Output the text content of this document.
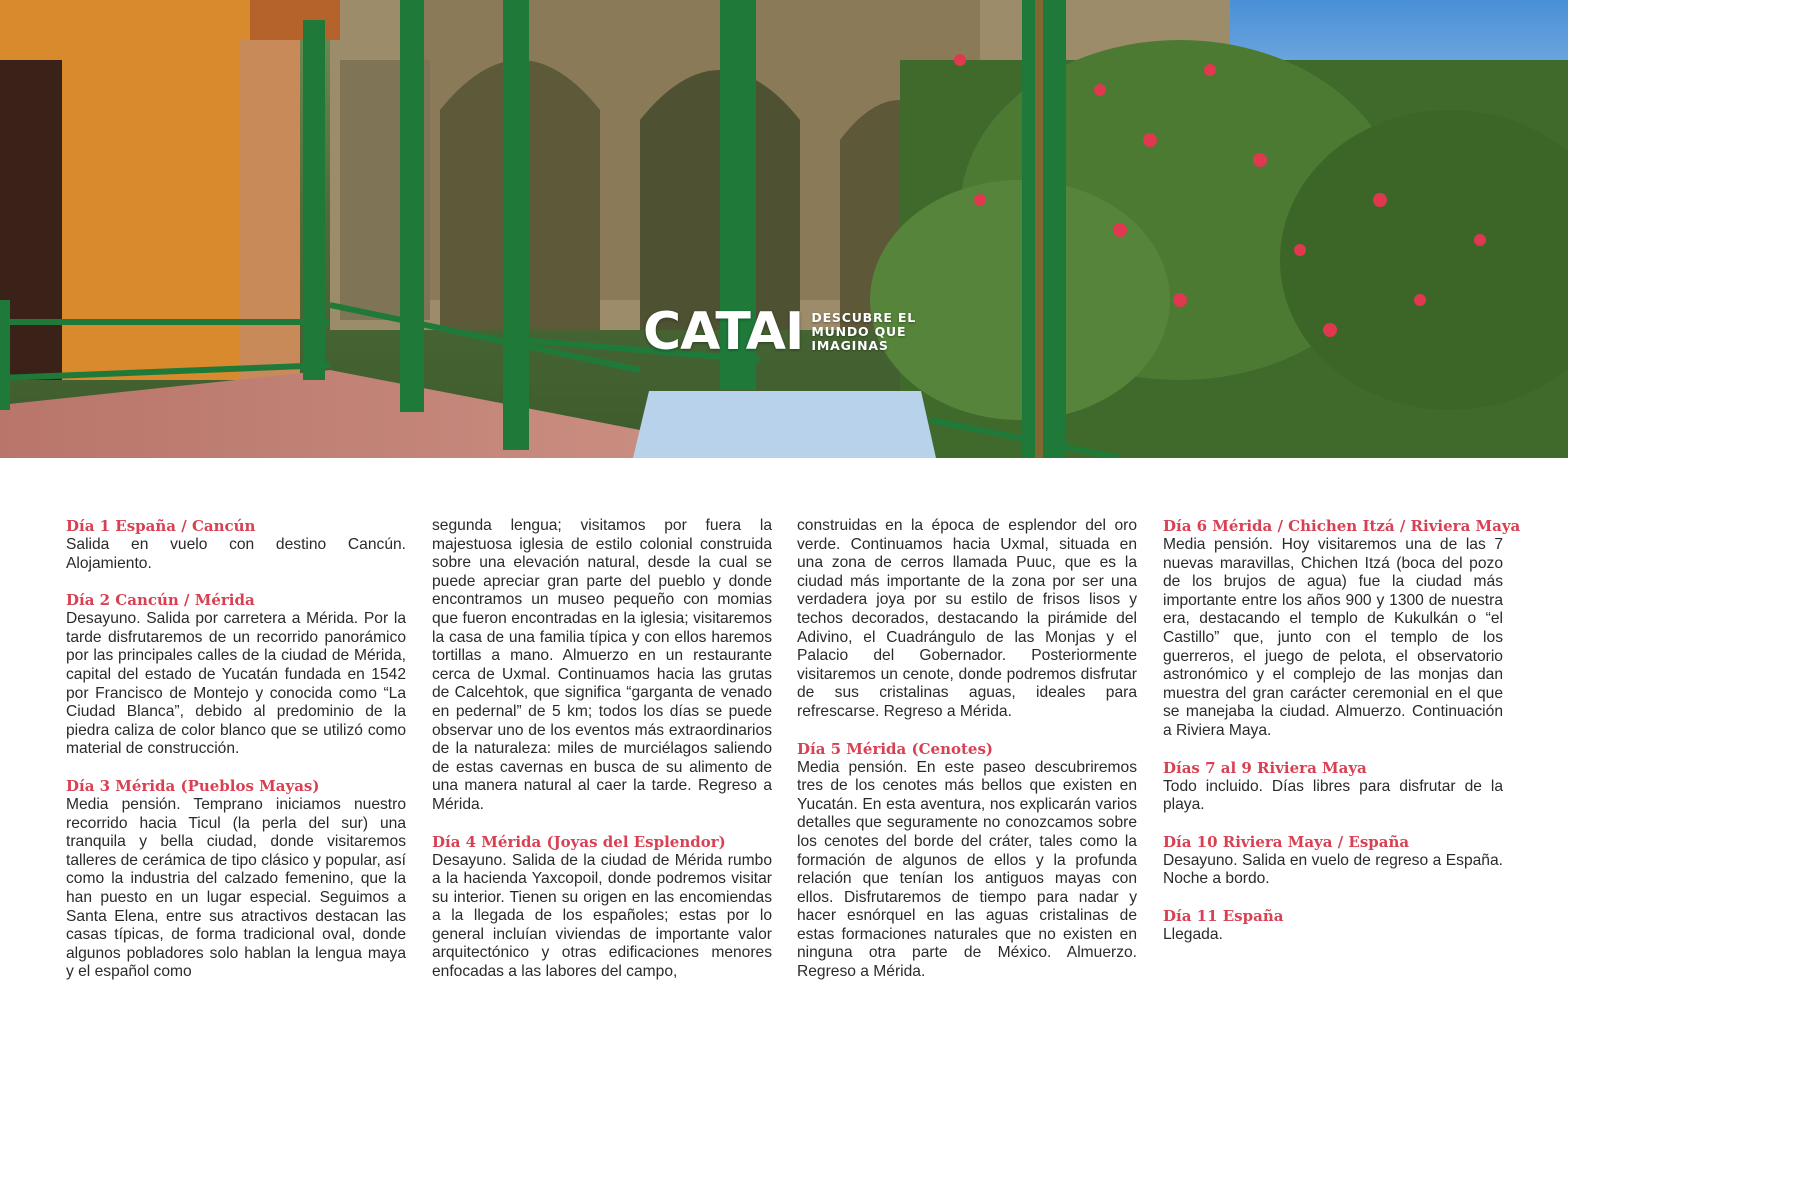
CATAI DESCUBRE EL
MUNDO QUE
IMAGINAS
Día 1 España / Cancún
Salida en vuelo con destino Cancún. Alojamiento.
Día 2 Cancún / Mérida
Desayuno. Salida por carretera a Mérida. Por la tarde disfrutaremos de un recorrido panorámico por las principales calles de la ciudad de Mérida, capital del estado de Yucatán fundada en 1542 por Francisco de Montejo y conocida como “La Ciudad Blanca”, debido al predominio de la piedra caliza de color blanco que se utilizó como material de construcción.
Día 3 Mérida (Pueblos Mayas)
Media pensión. Temprano iniciamos nuestro recorrido hacia Ticul (la perla del sur) una tranquila y bella ciudad, donde visitaremos talleres de cerámica de tipo clásico y popular, así como la industria del calzado femenino, que la han puesto en un lugar especial. Seguimos a Santa Elena, entre sus atractivos destacan las casas típicas, de forma tradicional oval, donde algunos pobladores solo hablan la lengua maya y el español como
segunda lengua; visitamos por fuera la majestuosa iglesia de estilo colonial construida sobre una elevación natural, desde la cual se puede apreciar gran parte del pueblo y donde encontramos un museo pequeño con momias que fueron encontradas en la iglesia; visitaremos la casa de una familia típica y con ellos haremos tortillas a mano. Almuerzo en un restaurante cerca de Uxmal. Continuamos hacia las grutas de Calcehtok, que significa “garganta de venado en pedernal” de 5 km; todos los días se puede observar uno de los eventos más extraordinarios de la naturaleza: miles de murciélagos saliendo de estas cavernas en busca de su alimento de una manera natural al caer la tarde. Regreso a Mérida.
Día 4 Mérida (Joyas del Esplendor)
Desayuno. Salida de la ciudad de Mérida rumbo a la hacienda Yaxcopoil, donde podremos visitar su interior. Tienen su origen en las encomiendas a la llegada de los españoles; estas por lo general incluían viviendas de importante valor arquitectónico y otras edificaciones menores enfocadas a las labores del campo,
construidas en la época de esplendor del oro verde. Continuamos hacia Uxmal, situada en una zona de cerros llamada Puuc, que es la ciudad más importante de la zona por ser una verdadera joya por su estilo de frisos lisos y techos decorados, destacando la pirámide del Adivino, el Cuadrángulo de las Monjas y el Palacio del Gobernador. Posteriormente visitaremos un cenote, donde podremos disfrutar de sus cristalinas aguas, ideales para refrescarse. Regreso a Mérida.
Día 5 Mérida (Cenotes)
Media pensión. En este paseo descubriremos tres de los cenotes más bellos que existen en Yucatán. En esta aventura, nos explicarán varios detalles que seguramente no conozcamos sobre los cenotes del borde del cráter, tales como la formación de algunos de ellos y la profunda relación que tenían los antiguos mayas con ellos. Disfrutaremos de tiempo para nadar y hacer esnórquel en las aguas cristalinas de estas formaciones naturales que no existen en ninguna otra parte de México. Almuerzo. Regreso a Mérida.
Día 6 Mérida / Chichen Itzá / Riviera Maya
Media pensión. Hoy visitaremos una de las 7 nuevas maravillas, Chichen Itzá (boca del pozo de los brujos de agua) fue la ciudad más importante entre los años 900 y 1300 de nuestra era, destacando el templo de Kukulkán o “el Castillo” que, junto con el templo de los guerreros, el juego de pelota, el observatorio astronómico y el complejo de las monjas dan muestra del gran carácter ceremonial en el que se manejaba la ciudad. Almuerzo. Continuación a Riviera Maya.
Días 7 al 9 Riviera Maya
Todo incluido. Días libres para disfrutar de la playa.
Día 10 Riviera Maya / España
Desayuno. Salida en vuelo de regreso a España. Noche a bordo.
Día 11 España
Llegada.
